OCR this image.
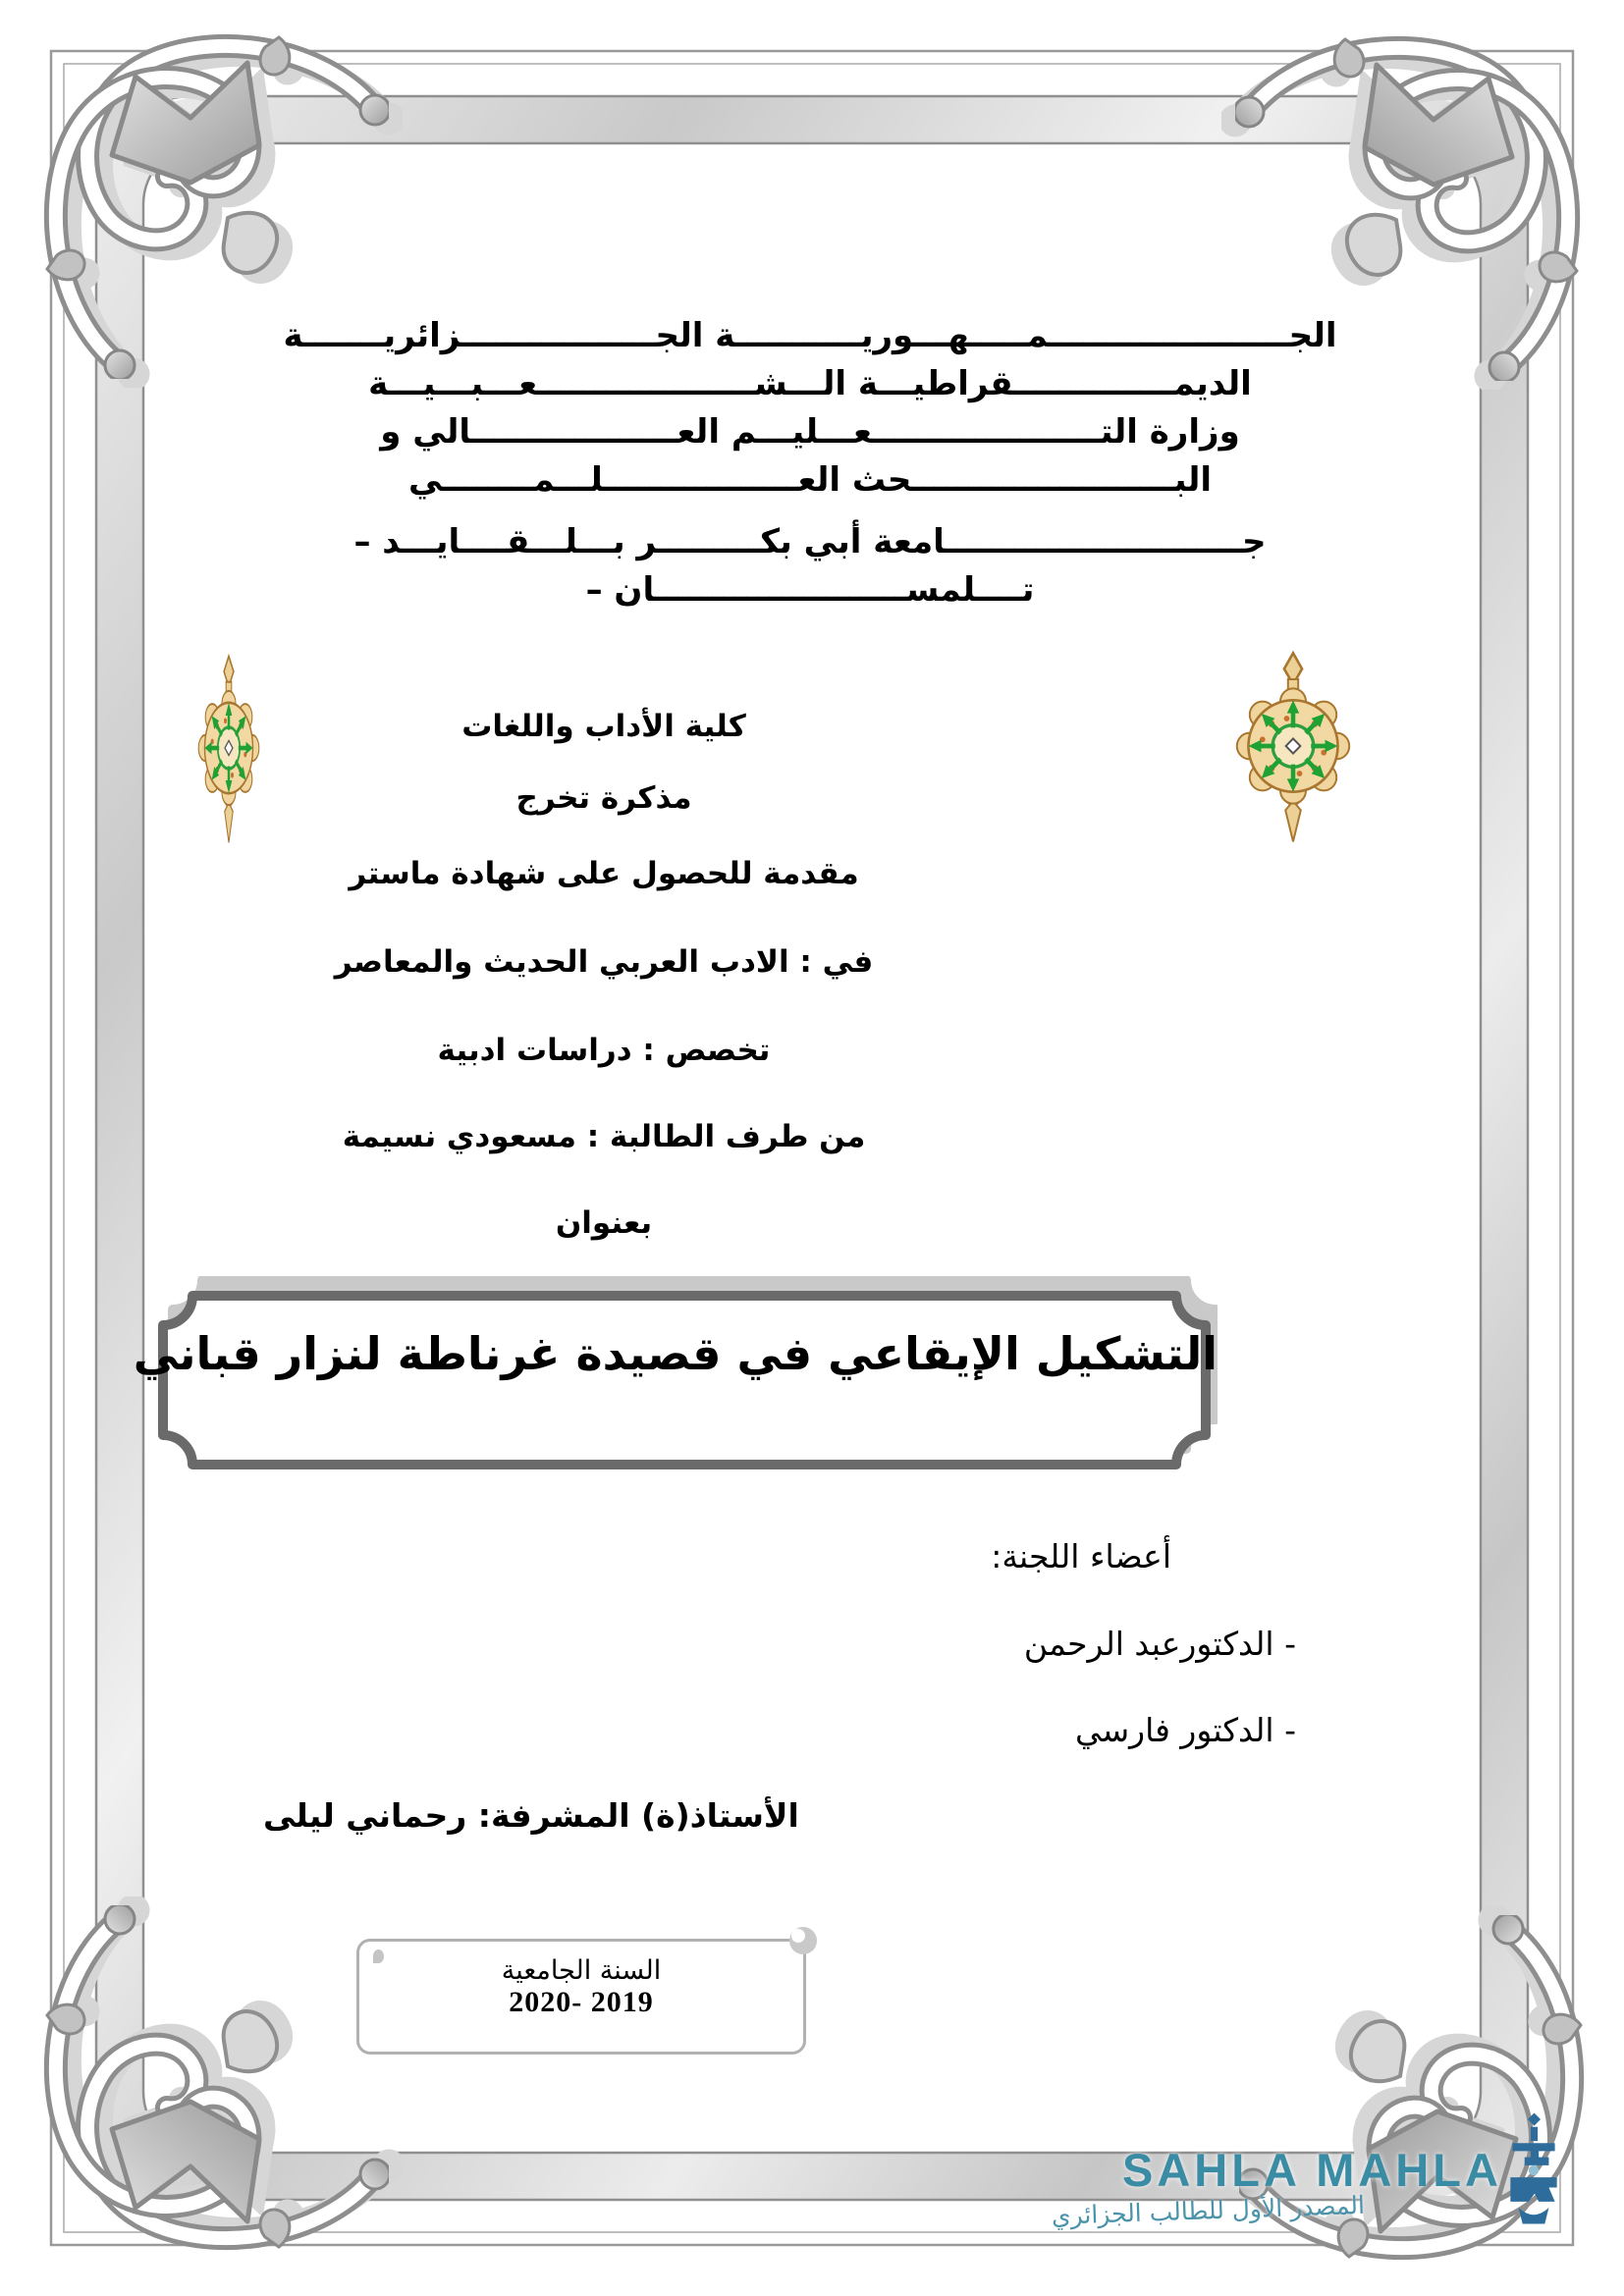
الجـــــــــــــــــــــمـــــهـــوريـــــــــــة الجـــــــــــــــــزائريـــــــة
الديمــــــــــــــقراطيـــة الـــشـــــــــــــــــــعـــبـــيـــة
وزارة التــــــــــــــــــــعـــليـــم العــــــــــــــــــالي و
البـــــــــــــــــــــــحث العـــــــــــــــــلـــمــــــــي
جــــــــــــــــــــــــــامعة أبي بكـــــــــر بـــلـــقــــايـــد –
تــــلمســــــــــــــــــــــان –
كلية الأداب واللغات
مذكرة تخرج
مقدمة للحصول على شهادة ماستر
في : الادب العربي الحديث والمعاصر
تخصص : دراسات ادبية
من طرف الطالبة : مسعودي نسيمة
بعنوان
التشكيل الإيقاعي في قصيدة غرناطة لنزار قباني
أعضاء اللجنة:
- الدكتورعبد الرحمن
- الدكتور فارسي
الأستاذ(ة) المشرفة: رحماني ليلى
السنة الجامعية
2020- 2019
SAHLA MAHLA
المصدر الأول للطالب الجزائري
